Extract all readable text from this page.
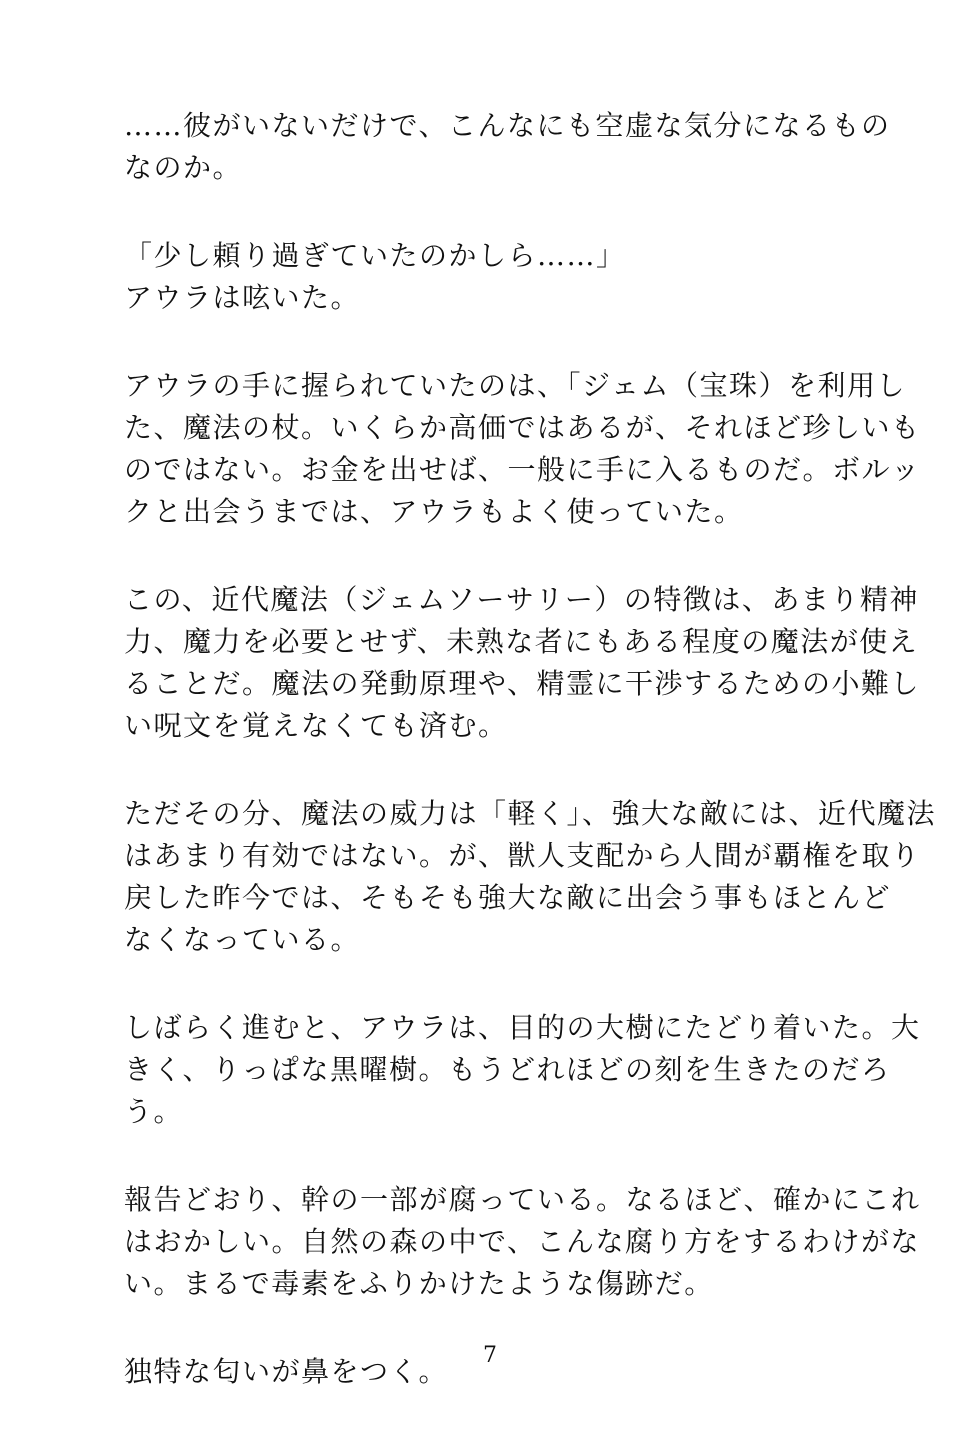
……彼がいないだけで、こんなにも空虚な気分になるもの
なのか。

「少し頼り過ぎていたのかしら……」
アウラは呟いた。

アウラの手に握られていたのは、「ジェム（宝珠）を利用し
た、魔法の杖。いくらか高価ではあるが、それほど珍しいも
のではない。お金を出せば、一般に手に入るものだ。ボルッ
クと出会うまでは、アウラもよく使っていた。

この、近代魔法（ジェムソーサリー）の特徴は、あまり精神
力、魔力を必要とせず、未熟な者にもある程度の魔法が使え
ることだ。魔法の発動原理や、精霊に干渉するための小難し
い呪文を覚えなくても済む。

ただその分、魔法の威力は「軽く」、強大な敵には、近代魔法
はあまり有効ではない。が、獣人支配から人間が覇権を取り
戻した昨今では、そもそも強大な敵に出会う事もほとんど
なくなっている。

しばらく進むと、アウラは、目的の大樹にたどり着いた。大
きく、りっぱな黒曜樹。もうどれほどの刻を生きたのだろ
う。

報告どおり、幹の一部が腐っている。なるほど、確かにこれ
はおかしい。自然の森の中で、こんな腐り方をするわけがな
い。まるで毒素をふりかけたような傷跡だ。

独特な匂いが鼻をつく。	7
